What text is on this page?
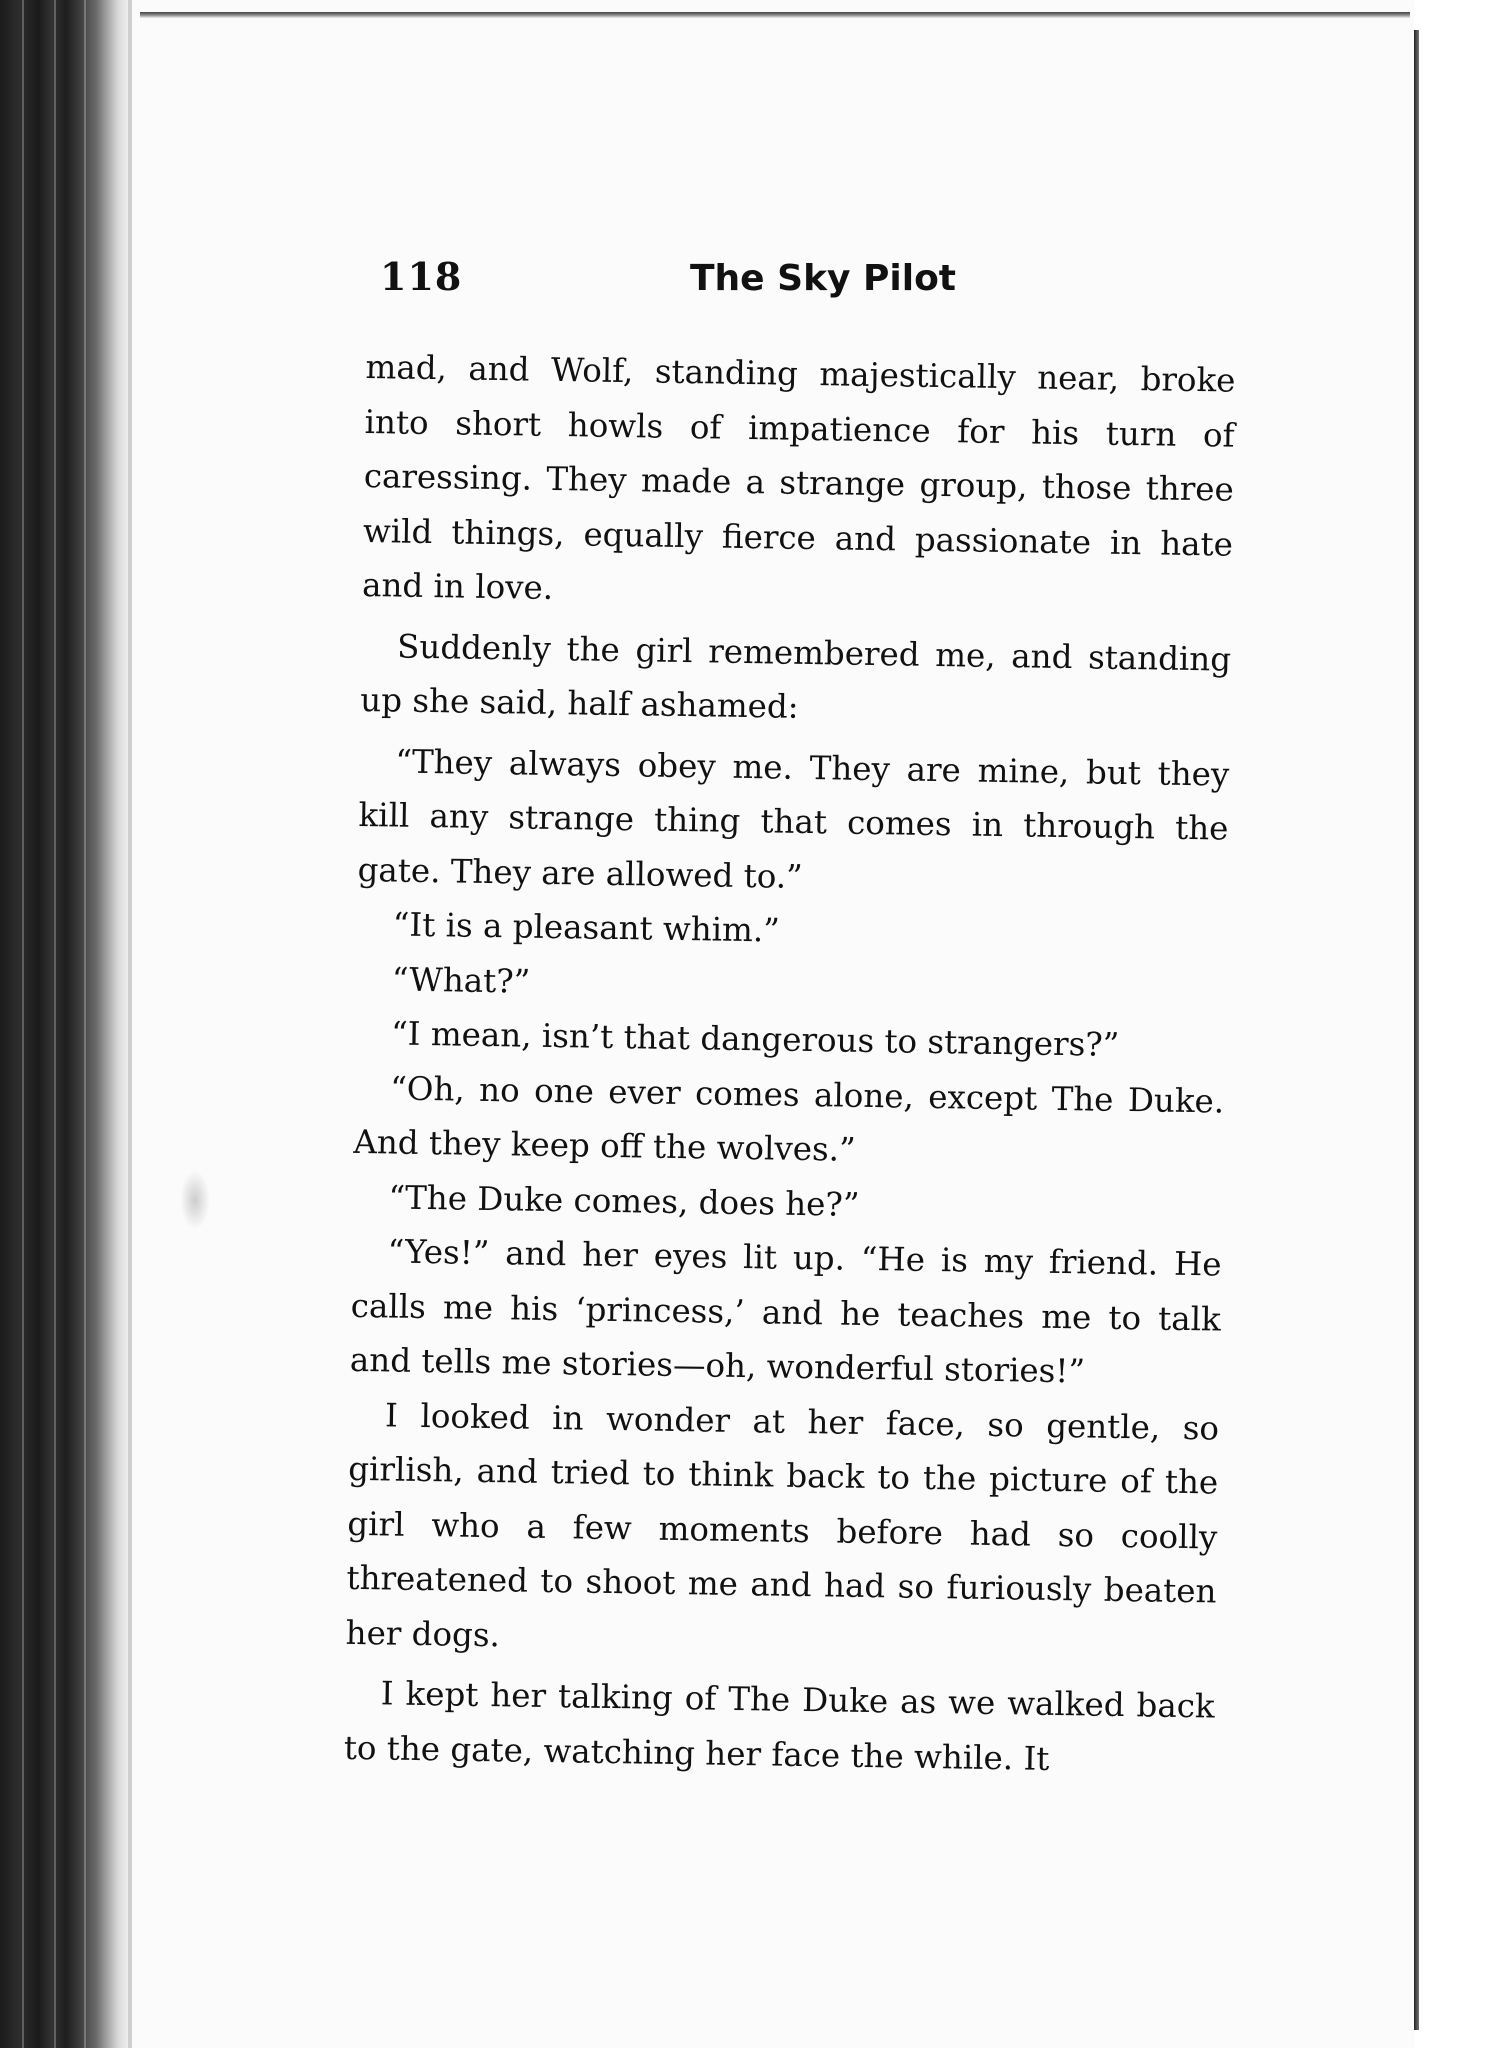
118	The Sky Pilot

mad, and Wolf, standing majestically near, broke into short howls of impatience for his turn of caressing. They made a strange group, those three wild things, equally fierce and passionate in hate and in love.

Suddenly the girl remembered me, and standing up she said, half ashamed:

“They always obey me. They are mine, but they kill any strange thing that comes in through the gate. They are allowed to.”

“It is a pleasant whim.”

“What?”

“I mean, isn’t that dangerous to strangers?”

“Oh, no one ever comes alone, except The Duke. And they keep off the wolves.”

“The Duke comes, does he?”

“Yes!” and her eyes lit up. “He is my friend. He calls me his ‘princess,’ and he teaches me to talk and tells me stories—oh, wonderful stories!”

I looked in wonder at her face, so gentle, so girlish, and tried to think back to the picture of the girl who a few moments before had so coolly threatened to shoot me and had so furiously beaten her dogs.

I kept her talking of The Duke as we walked back to the gate, watching her face the while. It
